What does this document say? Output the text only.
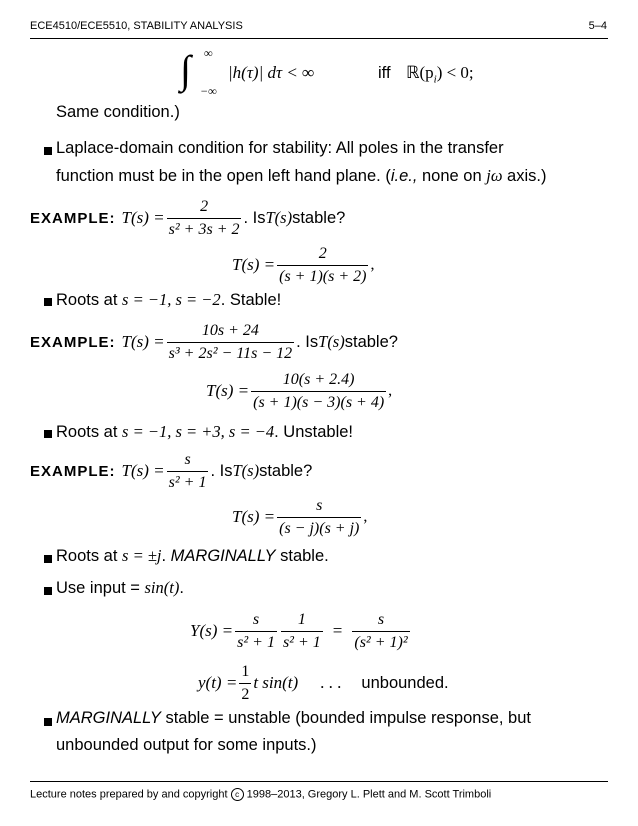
ECE4510/ECE5510, STABILITY ANALYSIS	5–4
∫ ∞
−∞
|h(τ)| dτ < ∞	iff $ℝ(p_i) < 0$;
Same condition.)
Laplace-domain condition for stability: All poles in the transfer
function must be in the open left hand plane. (i.e., none on jω axis.)
EXAMPLE: $T(s) = \frac{2}{\text{s² + 3s + 2}}$ . Is T(s) stable?
$T(s) = \frac{2}{(s + 1)(s + 2)}$ ,
Roots at s = −1, s = −2. Stable!
EXAMPLE: $T(s) = \frac{10s + 24}{\text{s³ + 2s² − 11s − 12}}$ . Is T(s) stable?
$T(s) = \frac{10(s + 2.4)}{(s + 1)(s - 3)(s + 4)}$ ,
Roots at s = −1, s = +3, s = −4. Unstable!
EXAMPLE: $T(s) = \frac{s}{\text{s² + 1}}$ . Is T(s) stable?
$T(s) = \frac{s}{(s - j)(s + j)}$ ,
Roots at s = ±j. MARGINALLY stable.
Use input = sin(t).
$Y(s) = \frac{s}{\text{s² + 1}} \frac{1}{\text{s² + 1}} = \frac{s}{\text{(s² + 1)²}}$
$y(t) = \frac{1}{2}$ t sin(t) . . . unbounded.
MARGINALLY stable = unstable (bounded impulse response, but
unbounded output for some inputs.)
Lecture notes prepared by and copyright c 1998–2013, Gregory L. Plett and M. Scott Trimboli
